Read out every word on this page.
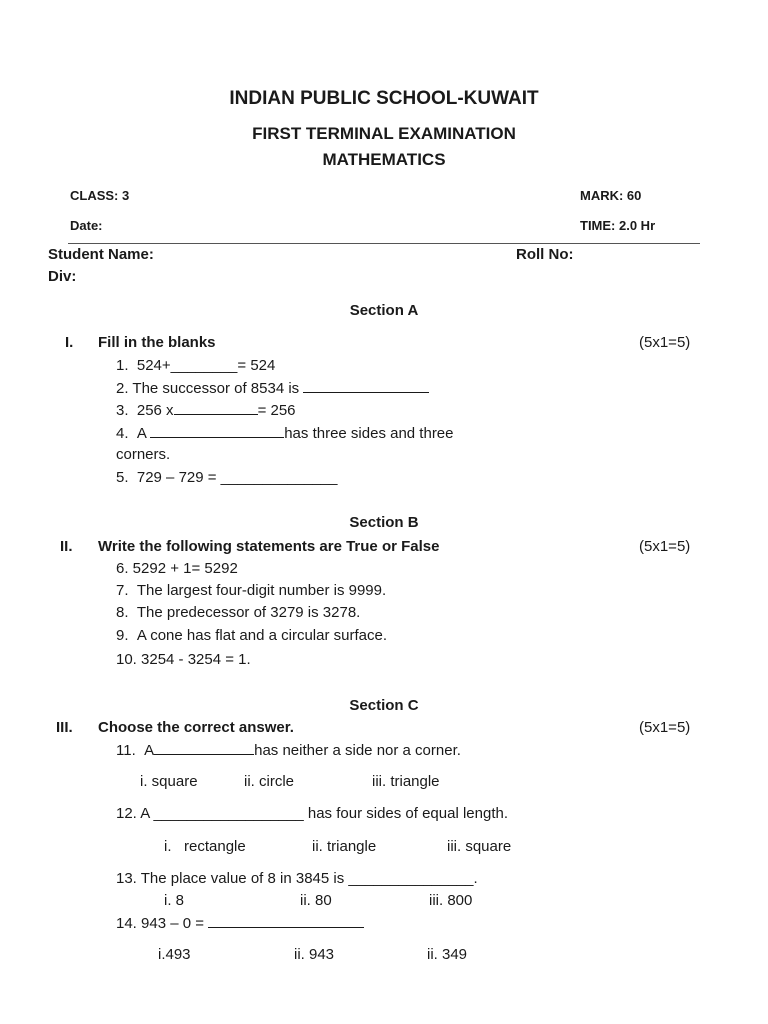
INDIAN PUBLIC SCHOOL-KUWAIT
FIRST TERMINAL EXAMINATION
MATHEMATICS
CLASS: 3	MARK: 60
Date:	TIME: 2.0 Hr
Student Name:	Roll No:
Div:
Section A
I. Fill in the blanks	(5x1=5)
1. 524+________= 524
2. The successor of 8534 is
3. 256 x	= 256
4. A	has three sides and three
corners.
5. 729 – 729 = ______________
Section B
II. Write the following statements are True or False	(5x1=5)
6. 5292 + 1= 5292
7. The largest four-digit number is 9999.
8. The predecessor of 3279 is 3278.
9. A cone has flat and a circular surface.
10. 3254 - 3254 = 1.
Section C
III. Choose the correct answer.	(5x1=5)
11. A	has neither a side nor a corner.
i. square	ii. circle	iii. triangle
12. A __________________ has four sides of equal length.
i. rectangle	ii. triangle	iii. square
13. The place value of 8 in 3845 is _______________.
i. 8	ii. 80	iii. 800
14. 943 – 0 =
i.493	ii. 943	ii. 349
